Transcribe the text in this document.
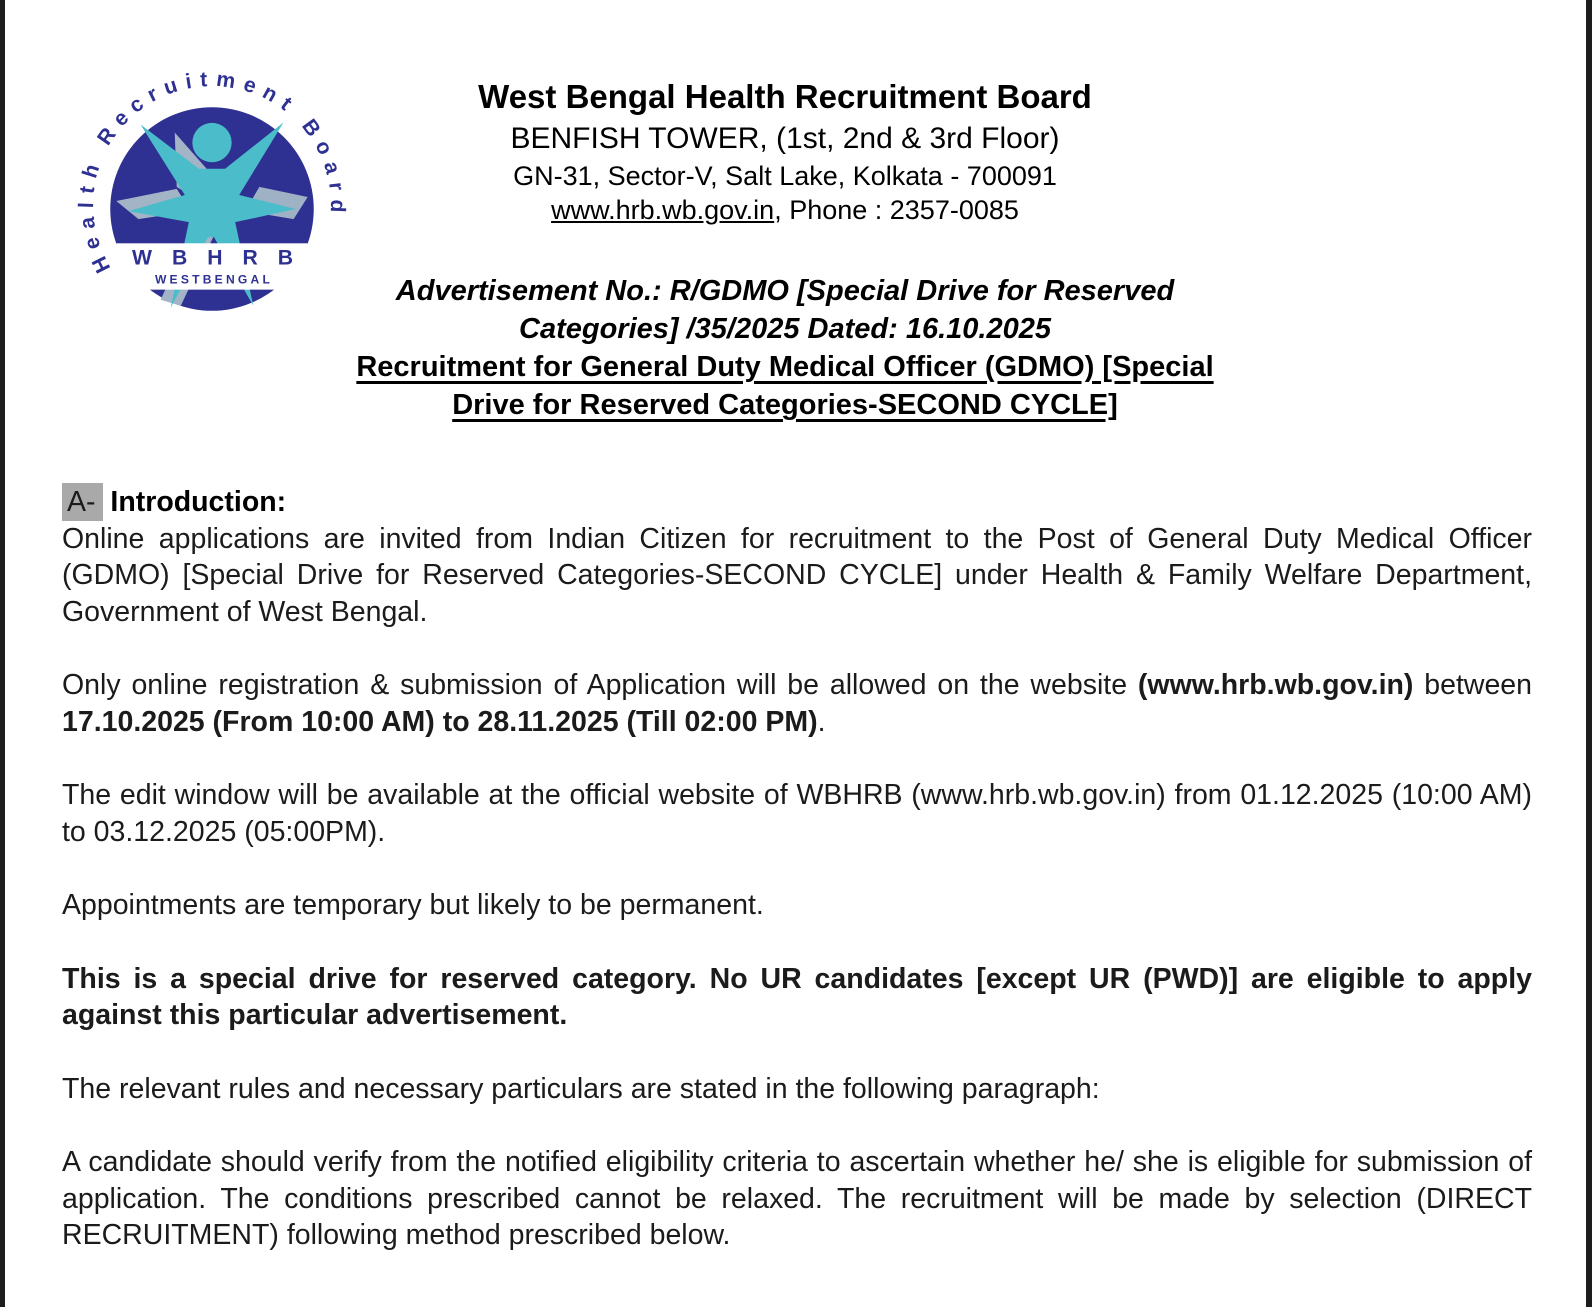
Health Recruitment Board
W B H R B
WESTBENGAL
West Bengal Health Recruitment Board
BENFISH TOWER, (1st, 2nd & 3rd Floor)
GN-31, Sector-V, Salt Lake, Kolkata - 700091
www.hrb.wb.gov.in, Phone : 2357-0085
Advertisement No.: R/GDMO [Special Drive for Reserved
Categories] /35/2025 Dated: 16.10.2025
Recruitment for General Duty Medical Officer (GDMO) [Special
Drive for Reserved Categories-SECOND CYCLE]

A- Introduction:

Online applications are invited from Indian Citizen for recruitment to the Post of General Duty Medical Officer (GDMO) [Special Drive for Reserved Categories-SECOND CYCLE] under Health & Family Welfare Department, Government of West Bengal.

Only online registration & submission of Application will be allowed on the website (www.hrb.wb.gov.in) between 17.10.2025 (From 10:00 AM) to 28.11.2025 (Till 02:00 PM).

The edit window will be available at the official website of WBHRB (www.hrb.wb.gov.in) from 01.12.2025 (10:00 AM) to 03.12.2025 (05:00PM).

Appointments are temporary but likely to be permanent.

This is a special drive for reserved category. No UR candidates [except UR (PWD)] are eligible to apply against this particular advertisement.

The relevant rules and necessary particulars are stated in the following paragraph:

A candidate should verify from the notified eligibility criteria to ascertain whether he/ she is eligible for submission of application. The conditions prescribed cannot be relaxed. The recruitment will be made by selection (DIRECT RECRUITMENT) following method prescribed below.
